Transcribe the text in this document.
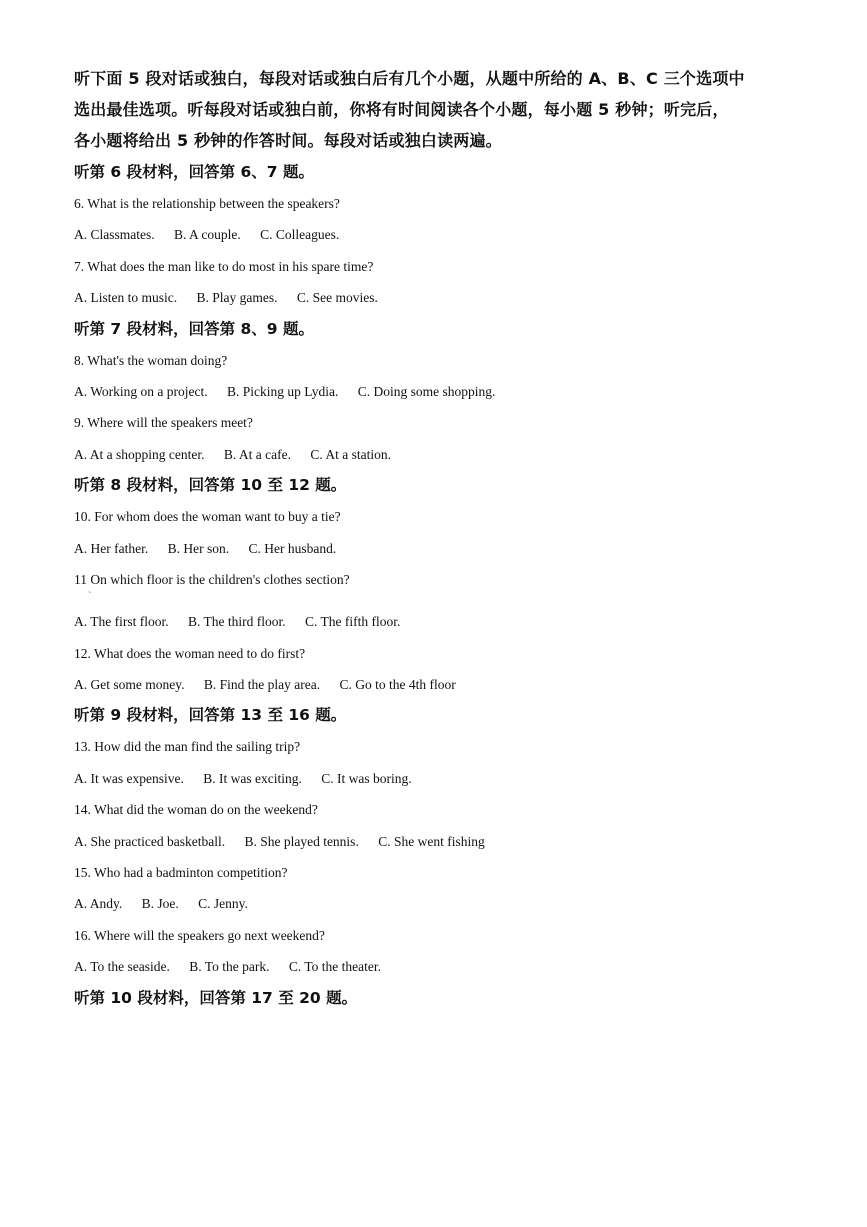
听下面 5 段对话或独白，每段对话或独白后有几个小题，从题中所给的 A、B、C 三个选项中
选出最佳选项。听每段对话或独白前，你将有时间阅读各个小题，每小题 5 秒钟；听完后，
各小题将给出 5 秒钟的作答时间。每段对话或独白读两遍。
听第 6 段材料，回答第 6、7 题。
6. What is the relationship between the speakers?
A. Classmates. B. A couple. C. Colleagues.
7. What does the man like to do most in his spare time?
A. Listen to music. B. Play games. C. See movies.
听第 7 段材料，回答第 8、9 题。
8. What's the woman doing?
A. Working on a project. B. Picking up Lydia. C. Doing some shopping.
9. Where will the speakers meet?
A. At a shopping center. B. At a cafe. C. At a station.
听第 8 段材料，回答第 10 至 12 题。
10. For whom does the woman want to buy a tie?
A. Her father. B. Her son. C. Her husband.
11 On which floor is the children's clothes section?
`
A. The first floor. B. The third floor. C. The fifth floor.
12. What does the woman need to do first?
A. Get some money. B. Find the play area. C. Go to the 4th floor
听第 9 段材料，回答第 13 至 16 题。
13. How did the man find the sailing trip?
A. It was expensive. B. It was exciting. C. It was boring.
14. What did the woman do on the weekend?
A. She practiced basketball. B. She played tennis. C. She went fishing
15. Who had a badminton competition?
A. Andy. B. Joe. C. Jenny.
16. Where will the speakers go next weekend?
A. To the seaside. B. To the park. C. To the theater.
听第 10 段材料，回答第 17 至 20 题。
